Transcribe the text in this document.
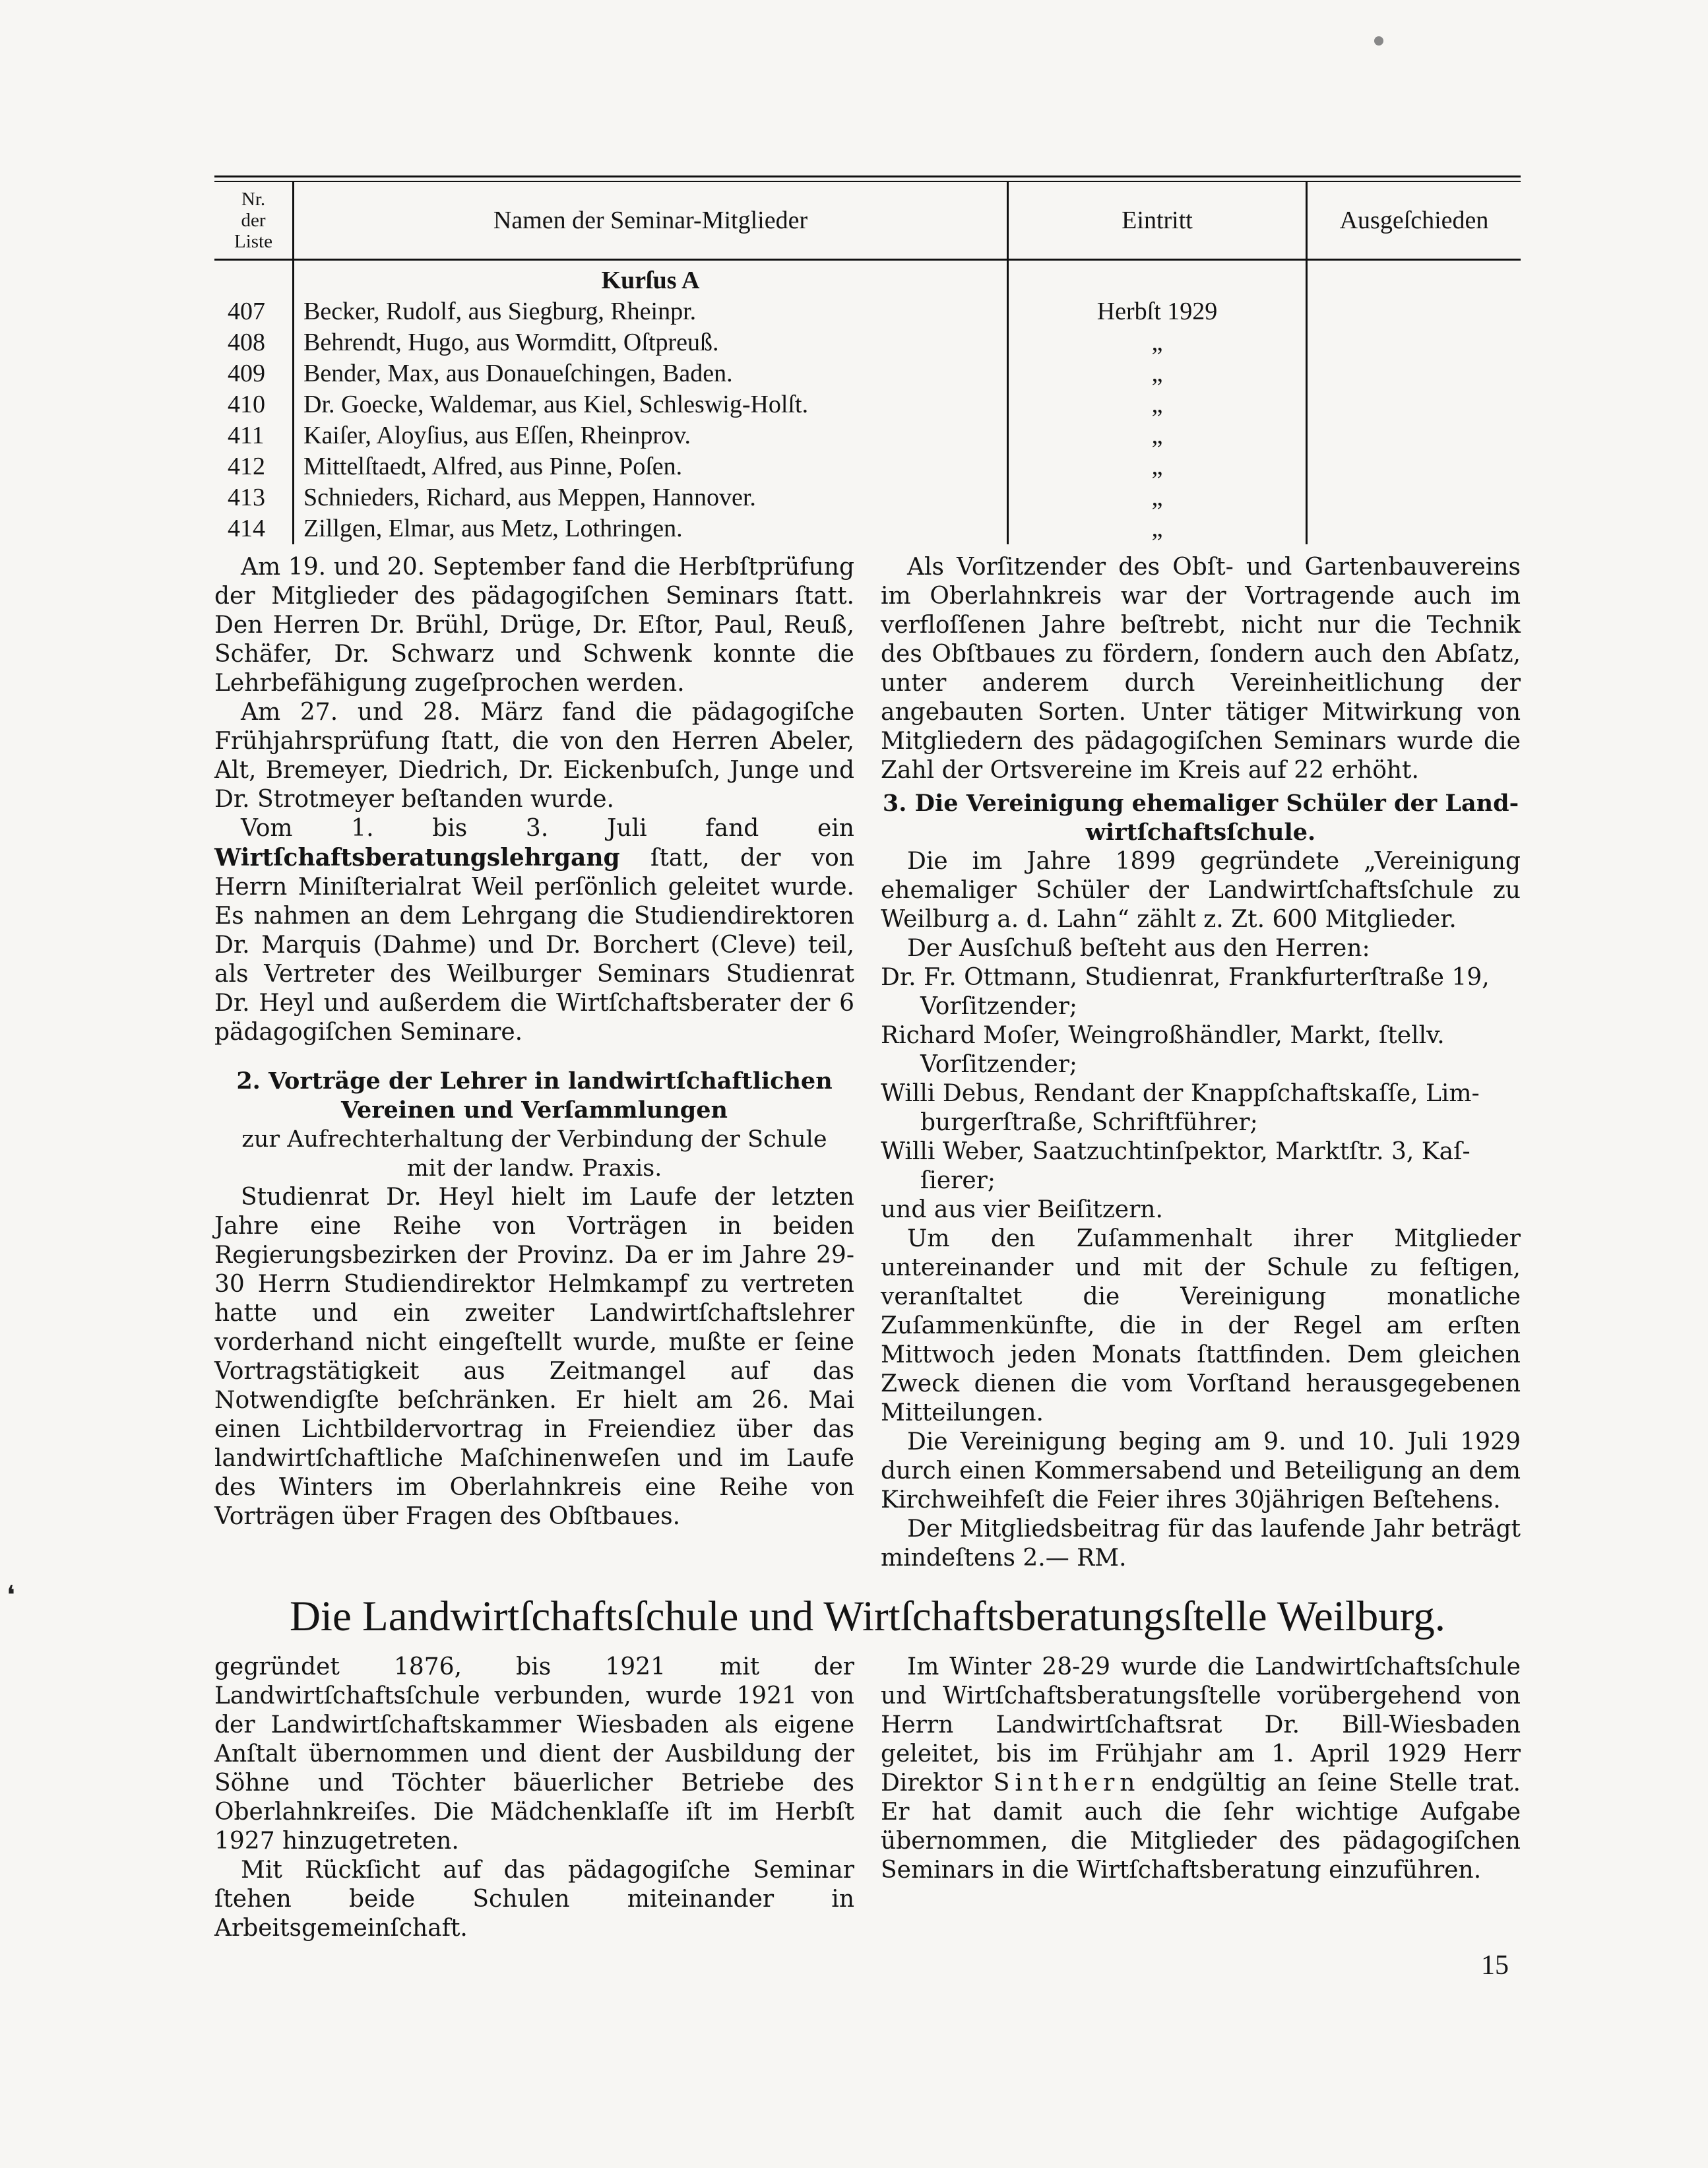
❛
Nr.
der
Liste
Namen der Seminar-Mitglieder	Eintritt	Ausgeſchieden
407
408
409
410
411
412
413
414
Kurſus A
Becker, Rudolf, aus Siegburg, Rheinpr.
Behrendt, Hugo, aus Wormditt, Oſtpreuß.
Bender, Max, aus Donaueſchingen, Baden.
Dr. Goecke, Waldemar, aus Kiel, Schleswig-Holſt.
Kaiſer, Aloyſius, aus Eſſen, Rheinprov.
Mittelſtaedt, Alfred, aus Pinne, Poſen.
Schnieders, Richard, aus Meppen, Hannover.
Zillgen, Elmar, aus Metz, Lothringen.
Herbſt 1929
„
„
„
„
„
„
„

Am 19. und 20. September fand die Herbſtprüfung der Mitglieder des pädagogiſchen Seminars ſtatt. Den Herren Dr. Brühl, Drüge, Dr. Eſtor, Paul, Reuß, Schäfer, Dr. Schwarz und Schwenk konnte die Lehrbefähigung zugeſprochen werden.

Am 27. und 28. März fand die pädagogiſche Frühjahrsprüfung ſtatt, die von den Herren Abeler, Alt, Bremeyer, Diedrich, Dr. Eickenbuſch, Junge und Dr. Strotmeyer beſtanden wurde.

Vom 1. bis 3. Juli fand ein Wirtſchaftsberatungslehrgang ſtatt, der von Herrn Miniſterialrat Weil perſönlich geleitet wurde. Es nahmen an dem Lehrgang die Studiendirektoren Dr. Marquis (Dahme) und Dr. Borchert (Cleve) teil, als Vertreter des Weilburger Seminars Studienrat Dr. Heyl und außerdem die Wirtſchaftsberater der 6 pädagogiſchen Seminare.

2. Vorträge der Lehrer in landwirtſchaftlichen

Vereinen und Verſammlungen

zur Aufrechterhaltung der Verbindung der Schule

mit der landw. Praxis.

Studienrat Dr. Heyl hielt im Laufe der letzten Jahre eine Reihe von Vorträgen in beiden Regierungsbezirken der Provinz. Da er im Jahre 29-30 Herrn Studiendirektor Helmkampf zu vertreten hatte und ein zweiter Landwirtſchaftslehrer vorderhand nicht eingeſtellt wurde, mußte er ſeine Vortragstätigkeit aus Zeitmangel auf das Notwendigſte beſchränken. Er hielt am 26. Mai einen Lichtbildervortrag in Freiendiez über das landwirtſchaftliche Maſchinenweſen und im Laufe des Winters im Oberlahnkreis eine Reihe von Vorträgen über Fragen des Obſtbaues.

Als Vorſitzender des Obſt- und Gartenbauvereins im Oberlahnkreis war der Vortragende auch im verfloſſenen Jahre beſtrebt, nicht nur die Technik des Obſtbaues zu fördern, ſondern auch den Abſatz, unter anderem durch Vereinheitlichung der angebauten Sorten. Unter tätiger Mitwirkung von Mitgliedern des pädagogiſchen Seminars wurde die Zahl der Ortsvereine im Kreis auf 22 erhöht.

3. Die Vereinigung ehemaliger Schüler der Land-

wirtſchaftsſchule.

Die im Jahre 1899 gegründete „Vereinigung ehemaliger Schüler der Landwirtſchaftsſchule zu Weilburg a. d. Lahn“ zählt z. Zt. 600 Mitglieder.

Der Ausſchuß beſteht aus den Herren:

Dr. Fr. Ottmann, Studienrat, Frankfurterſtraße 19,

Vorſitzender;

Richard Moſer, Weingroßhändler, Markt, ſtellv.

Vorſitzender;

Willi Debus, Rendant der Knappſchaftskaſſe, Lim-

burgerſtraße, Schriftführer;

Willi Weber, Saatzuchtinſpektor, Marktſtr. 3, Kaſ-

ſierer;

und aus vier Beiſitzern.

Um den Zuſammenhalt ihrer Mitglieder untereinander und mit der Schule zu feſtigen, veranſtaltet die Vereinigung monatliche Zuſammenkünfte, die in der Regel am erſten Mittwoch jeden Monats ſtattfinden. Dem gleichen Zweck dienen die vom Vorſtand herausgegebenen Mitteilungen.

Die Vereinigung beging am 9. und 10. Juli 1929 durch einen Kommersabend und Beteiligung an dem Kirchweihfeſt die Feier ihres 30jährigen Beſtehens.

Der Mitgliedsbeitrag für das laufende Jahr beträgt mindeſtens 2.— RM.

Die Landwirtſchaftsſchule und Wirtſchaftsberatungsſtelle Weilburg.

gegründet 1876, bis 1921 mit der Landwirtſchaftsſchule verbunden, wurde 1921 von der Landwirtſchaftskammer Wiesbaden als eigene Anſtalt übernommen und dient der Ausbildung der Söhne und Töchter bäuerlicher Betriebe des Oberlahnkreiſes. Die Mädchenklaſſe iſt im Herbſt 1927 hinzugetreten.

Mit Rückſicht auf das pädagogiſche Seminar ſtehen beide Schulen miteinander in Arbeitsgemeinſchaft.

Im Winter 28-29 wurde die Landwirtſchaftsſchule und Wirtſchaftsberatungsſtelle vorübergehend von Herrn Landwirtſchaftsrat Dr. Bill-Wiesbaden geleitet, bis im Frühjahr am 1. April 1929 Herr Direktor Sinthern endgültig an ſeine Stelle trat. Er hat damit auch die ſehr wichtige Aufgabe übernommen, die Mitglieder des pädagogiſchen Seminars in die Wirtſchaftsberatung einzuführen.

15
